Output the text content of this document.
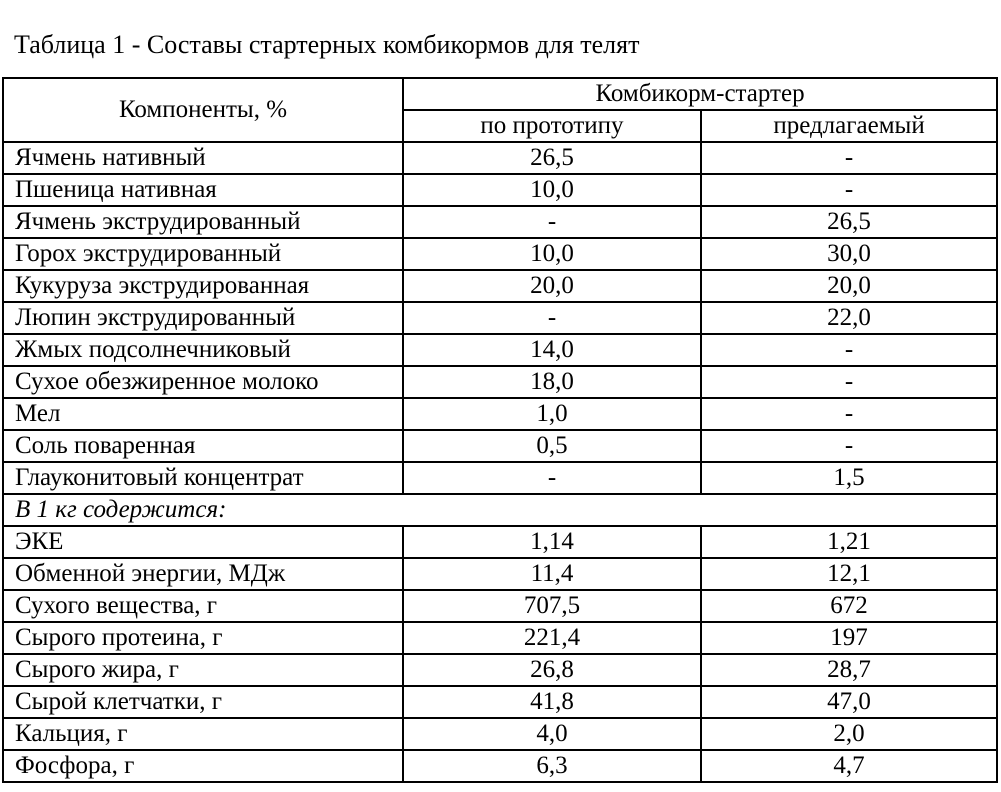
Таблица 1 - Составы стартерных комбикормов для телят
Компоненты, %	Комбикорм-стартер	
	по прототипу	предлагаемый
Ячмень нативный	26,5	-
Пшеница нативная	10,0	-
Ячмень экструдированный	-	26,5
Горох экструдированный	10,0	30,0
Кукуруза экструдированная	20,0	20,0
Люпин экструдированный	-	22,0
Жмых подсолнечниковый	14,0	-
Сухое обезжиренное молоко	18,0	-
Мел	1,0	-
Соль поваренная	0,5	-
Глауконитовый концентрат	-	1,5
В 1 кг содержится:		
ЭКЕ	1,14	1,21
Обменной энергии, МДж	11,4	12,1
Сухого вещества, г	707,5	672
Сырого протеина, г	221,4	197
Сырого жира, г	26,8	28,7
Сырой клетчатки, г	41,8	47,0
Кальция, г	4,0	2,0
Фосфора, г	6,3	4,7
